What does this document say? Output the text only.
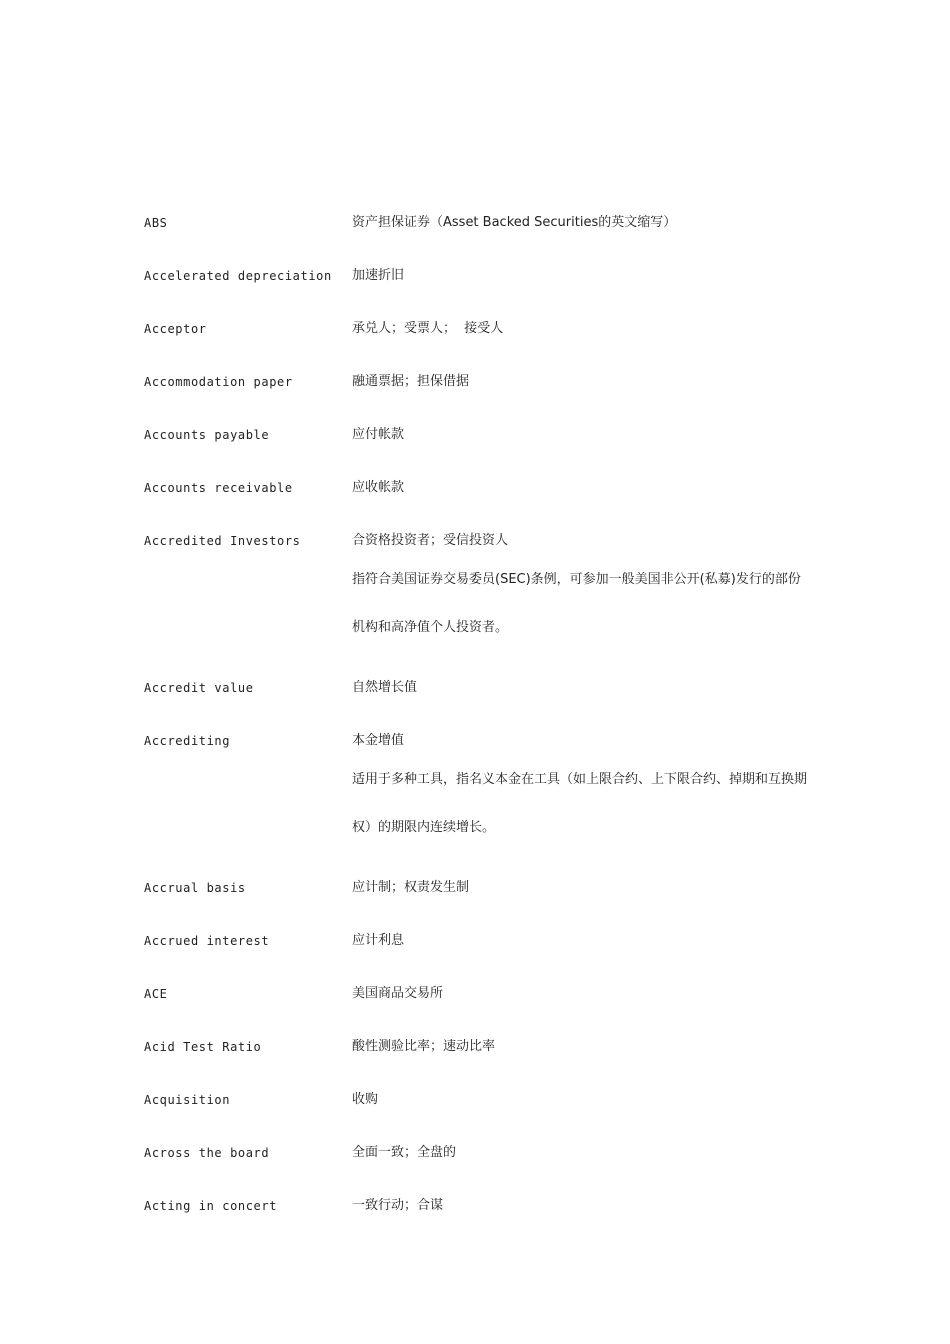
ABS	资产担保证券（Asset Backed Securities的英文缩写）
Accelerated depreciation	加速折旧
Acceptor	承兑人；受票人；  接受人
Accommodation paper	融通票据；担保借据
Accounts payable	应付帐款
Accounts receivable	应收帐款
Accredited Investors	合资格投资者；受信投资人
指符合美国证券交易委员(SEC)条例，可参加一般美国非公开(私募)发行的部份机构和高净值个人投资者。
Accredit value	自然增长值
Accrediting	本金增值
适用于多种工具，指名义本金在工具（如上限合约、上下限合约、掉期和互换期权）的期限内连续增长。
Accrual basis	应计制；权责发生制
Accrued interest	应计利息
ACE	美国商品交易所
Acid Test Ratio	酸性测验比率；速动比率
Acquisition	收购
Across the board	全面一致；全盘的
Acting in concert	一致行动；合谋
